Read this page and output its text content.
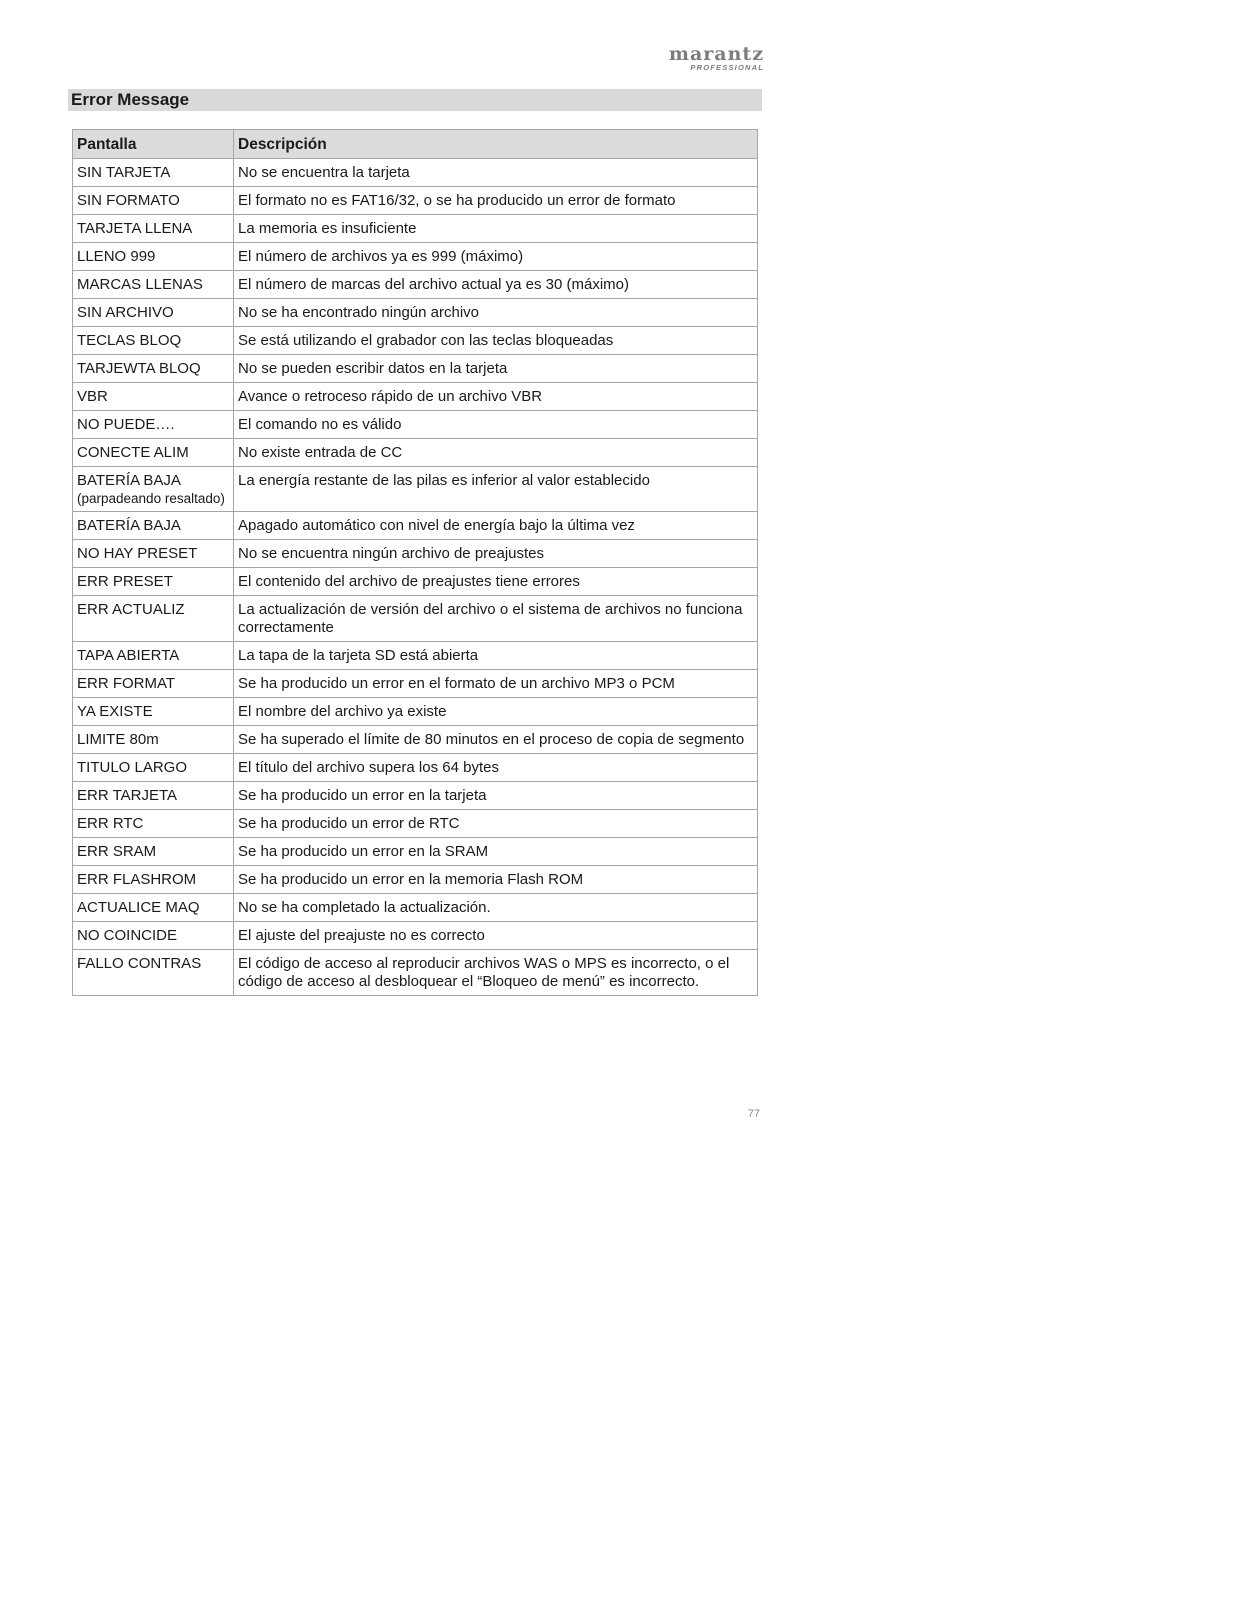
marantz
PROFESSIONAL
Error Message
Pantalla	Descripción
SIN TARJETA	No se encuentra la tarjeta
SIN FORMATO	El formato no es FAT16/32, o se ha producido un error de formato
TARJETA LLENA	La memoria es insuficiente
LLENO 999	El número de archivos ya es 999 (máximo)
MARCAS LLENAS	El número de marcas del archivo actual ya es 30 (máximo)
SIN ARCHIVO	No se ha encontrado ningún archivo
TECLAS BLOQ	Se está utilizando el grabador con las teclas bloqueadas
TARJEWTA BLOQ	No se pueden escribir datos en la tarjeta
VBR	Avance o retroceso rápido de un archivo VBR
NO PUEDE….	El comando no es válido
CONECTE ALIM	No existe entrada de CC
BATERÍA BAJA
(parpadeando resaltado)	La energía restante de las pilas es inferior al valor establecido
BATERÍA BAJA	Apagado automático con nivel de energía bajo la última vez
NO HAY PRESET	No se encuentra ningún archivo de preajustes
ERR PRESET	El contenido del archivo de preajustes tiene errores
ERR ACTUALIZ	La actualización de versión del archivo o el sistema de archivos no funciona correctamente
TAPA ABIERTA	La tapa de la tarjeta SD está abierta
ERR FORMAT	Se ha producido un error en el formato de un archivo MP3 o PCM
YA EXISTE	El nombre del archivo ya existe
LIMITE 80m	Se ha superado el límite de 80 minutos en el proceso de copia de segmento
TITULO LARGO	El título del archivo supera los 64 bytes
ERR TARJETA	Se ha producido un error en la tarjeta
ERR RTC	Se ha producido un error de RTC
ERR SRAM	Se ha producido un error en la SRAM
ERR FLASHROM	Se ha producido un error en la memoria Flash ROM
ACTUALICE MAQ	No se ha completado la actualización.
NO COINCIDE	El ajuste del preajuste no es correcto
FALLO CONTRAS	El código de acceso al reproducir archivos WAS o MPS es incorrecto, o el código de acceso al desbloquear el “Bloqueo de menú” es incorrecto.
77
